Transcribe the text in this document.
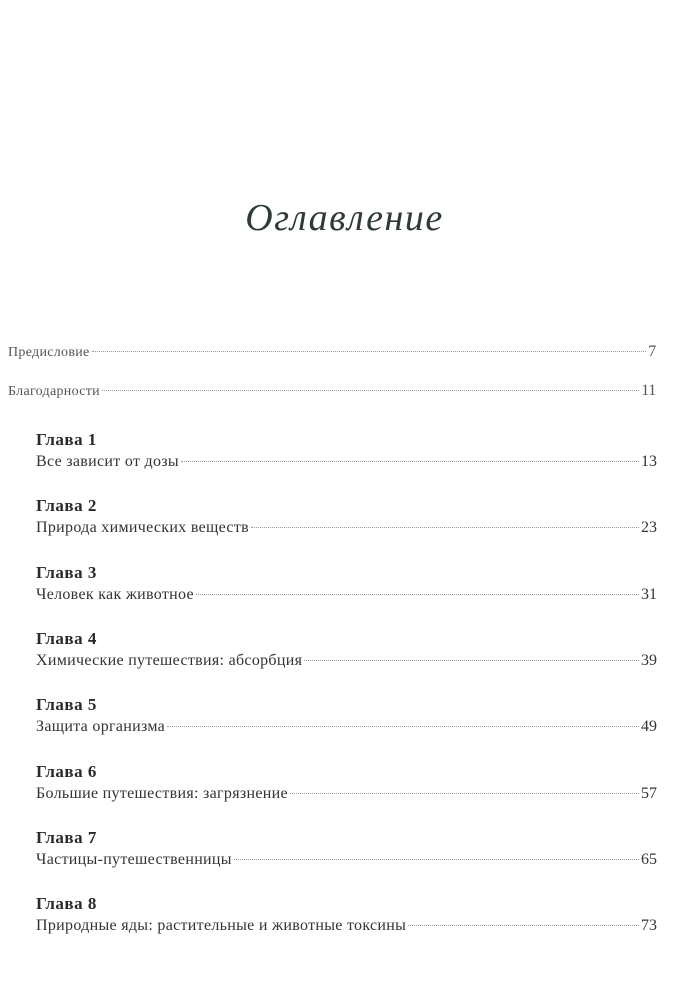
Оглавление
Предисловие	7
Благодарности	11
Глава 1
Все зависит от дозы	13
Глава 2
Природа химических веществ	23
Глава 3
Человек как животное	31
Глава 4
Химические путешествия: абсорбция	39
Глава 5
Защита организма	49
Глава 6
Большие путешествия: загрязнение	57
Глава 7
Частицы-путешественницы	65
Глава 8
Природные яды: растительные и животные токсины	73
